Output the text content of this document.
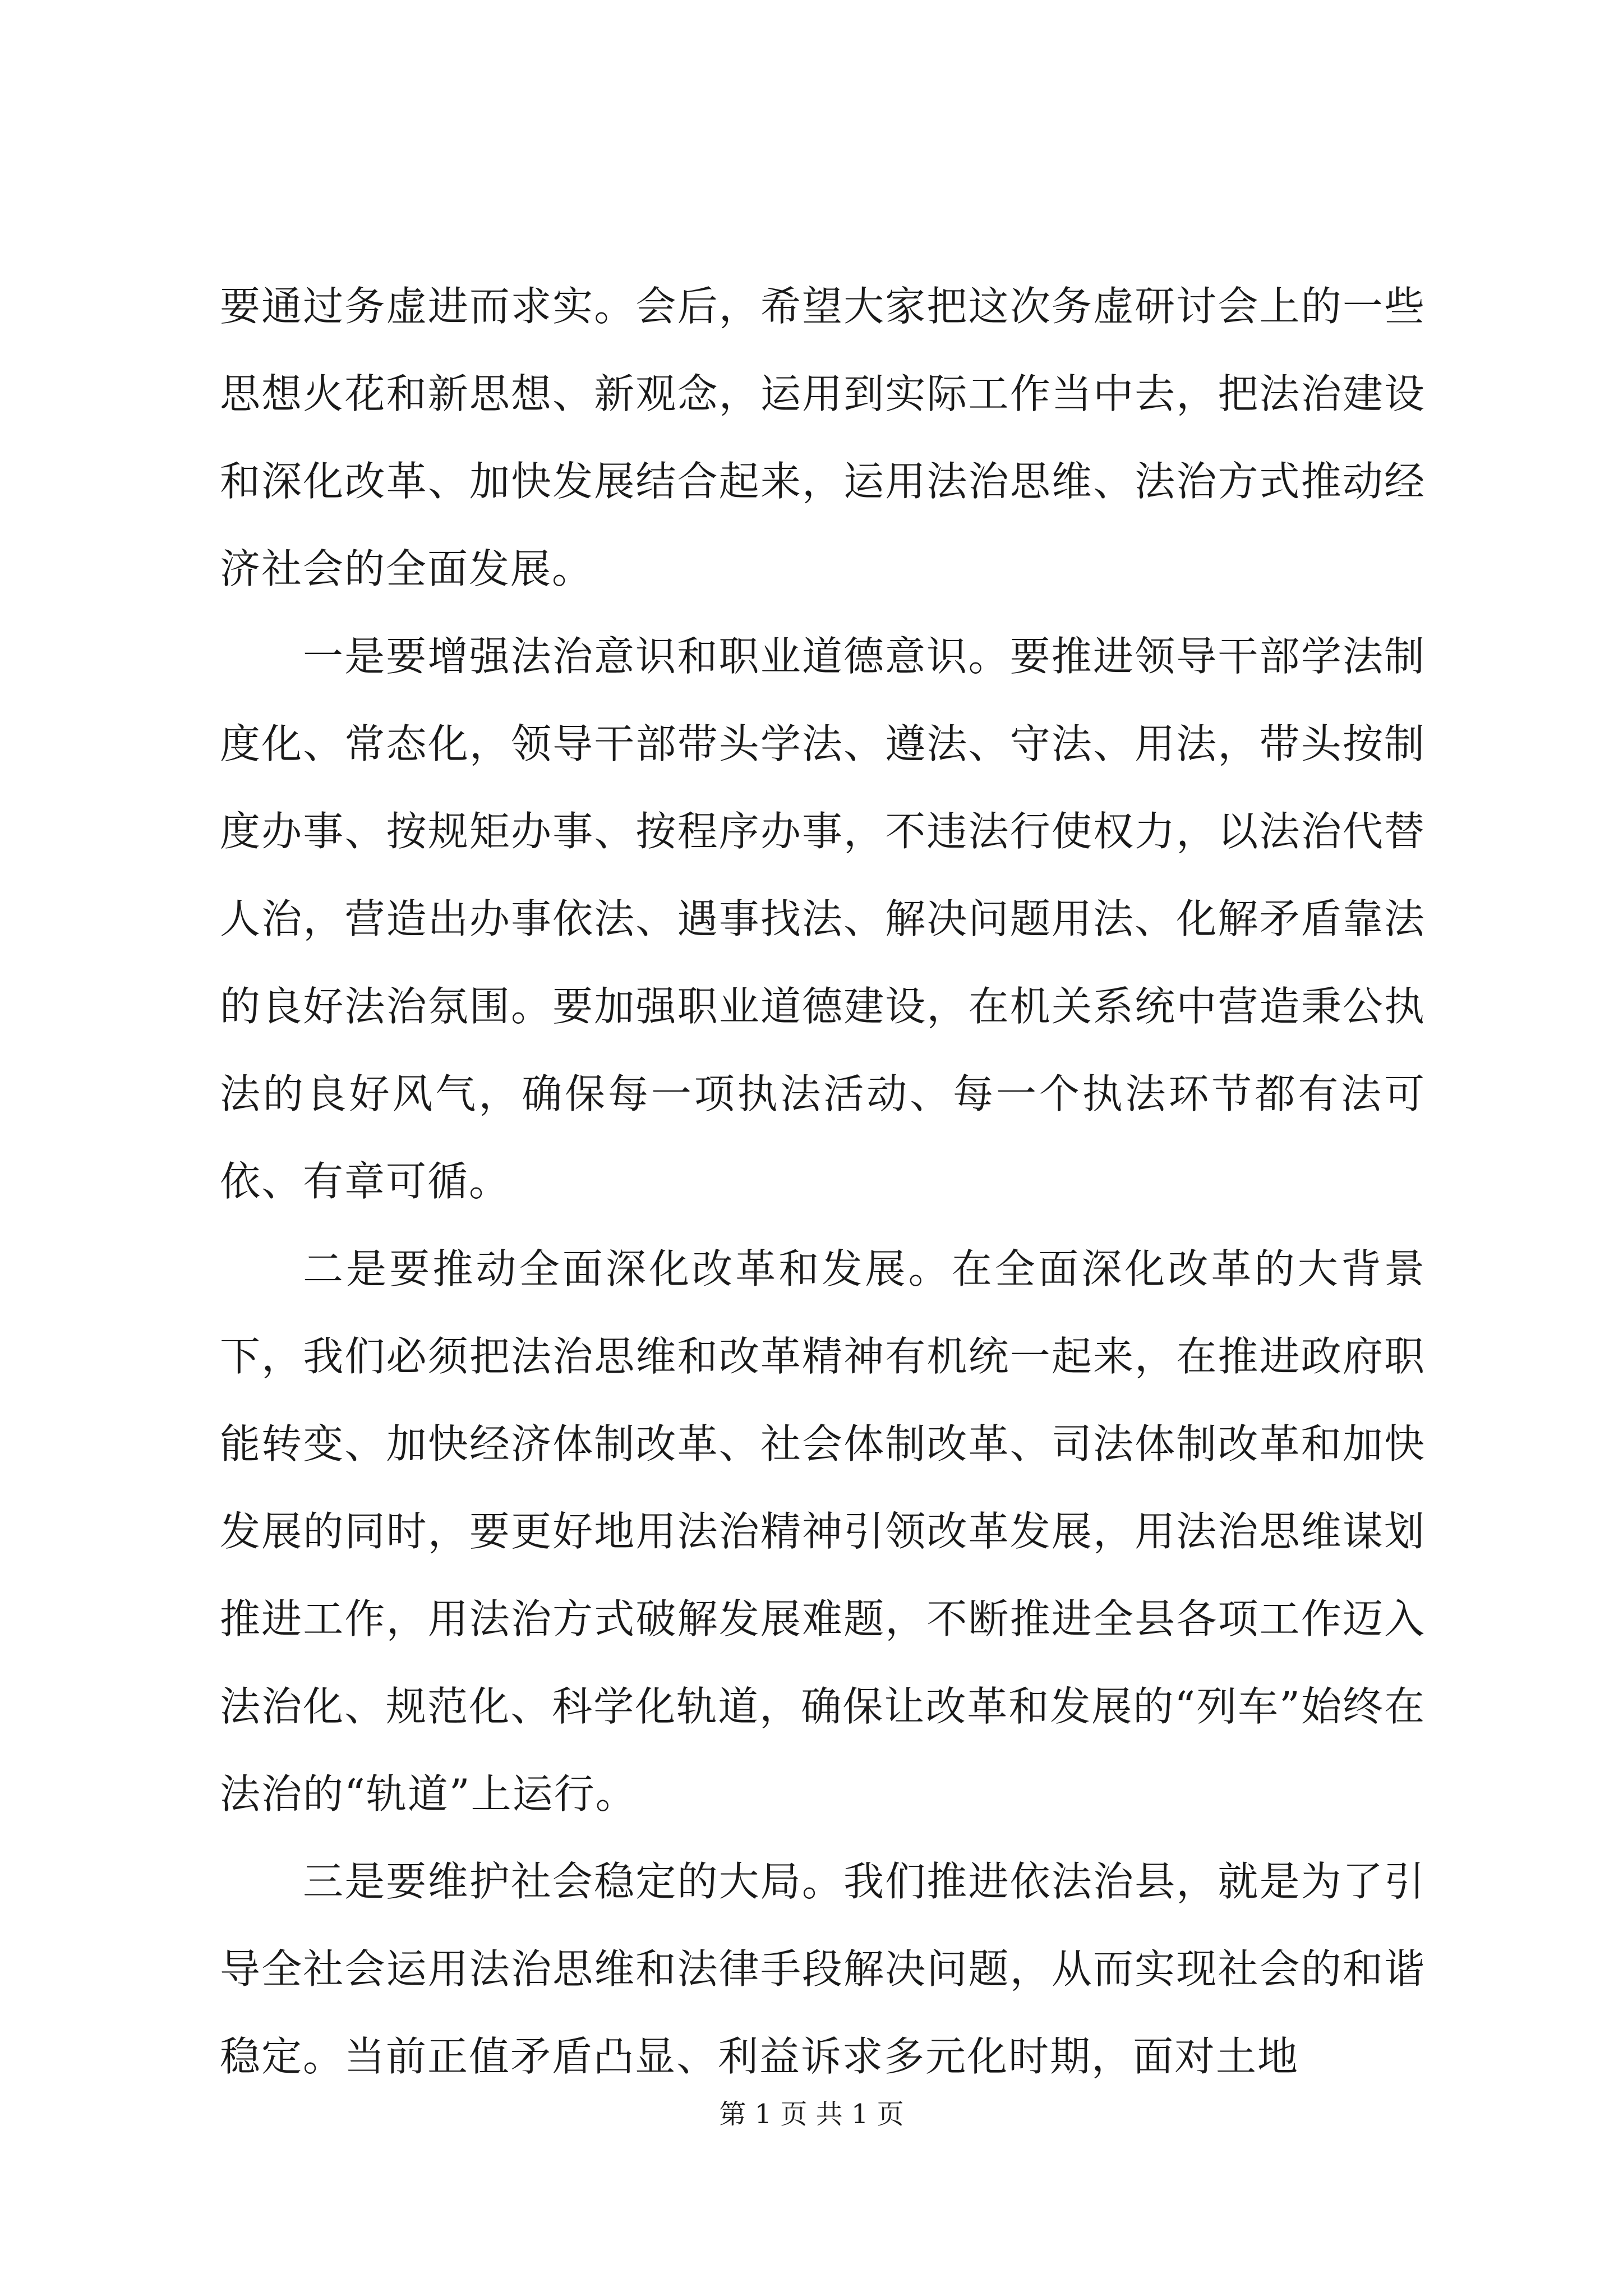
要通过务虚进而求实。会后，希望大家把这次务虚研讨会上的一些思想火花和新思想、新观念，运用到实际工作当中去，把法治建设和深化改革、加快发展结合起来，运用法治思维、法治方式推动经济社会的全面发展。

一是要增强法治意识和职业道德意识。要推进领导干部学法制度化、常态化，领导干部带头学法、遵法、守法、用法，带头按制度办事、按规矩办事、按程序办事，不违法行使权力，以法治代替人治，营造出办事依法、遇事找法、解决问题用法、化解矛盾靠法的良好法治氛围。要加强职业道德建设，在机关系统中营造秉公执法的良好风气，确保每一项执法活动、每一个执法环节都有法可依、有章可循。

二是要推动全面深化改革和发展。在全面深化改革的大背景下，我们必须把法治思维和改革精神有机统一起来，在推进政府职能转变、加快经济体制改革、社会体制改革、司法体制改革和加快发展的同时，要更好地用法治精神引领改革发展，用法治思维谋划推进工作，用法治方式破解发展难题，不断推进全县各项工作迈入法治化、规范化、科学化轨道，确保让改革和发展的“列车”始终在法治的“轨道”上运行。

三是要维护社会稳定的大局。我们推进依法治县，就是为了引导全社会运用法治思维和法律手段解决问题，从而实现社会的和谐稳定。当前正值矛盾凸显、利益诉求多元化时期，面对土地

第 1 页 共 1 页
